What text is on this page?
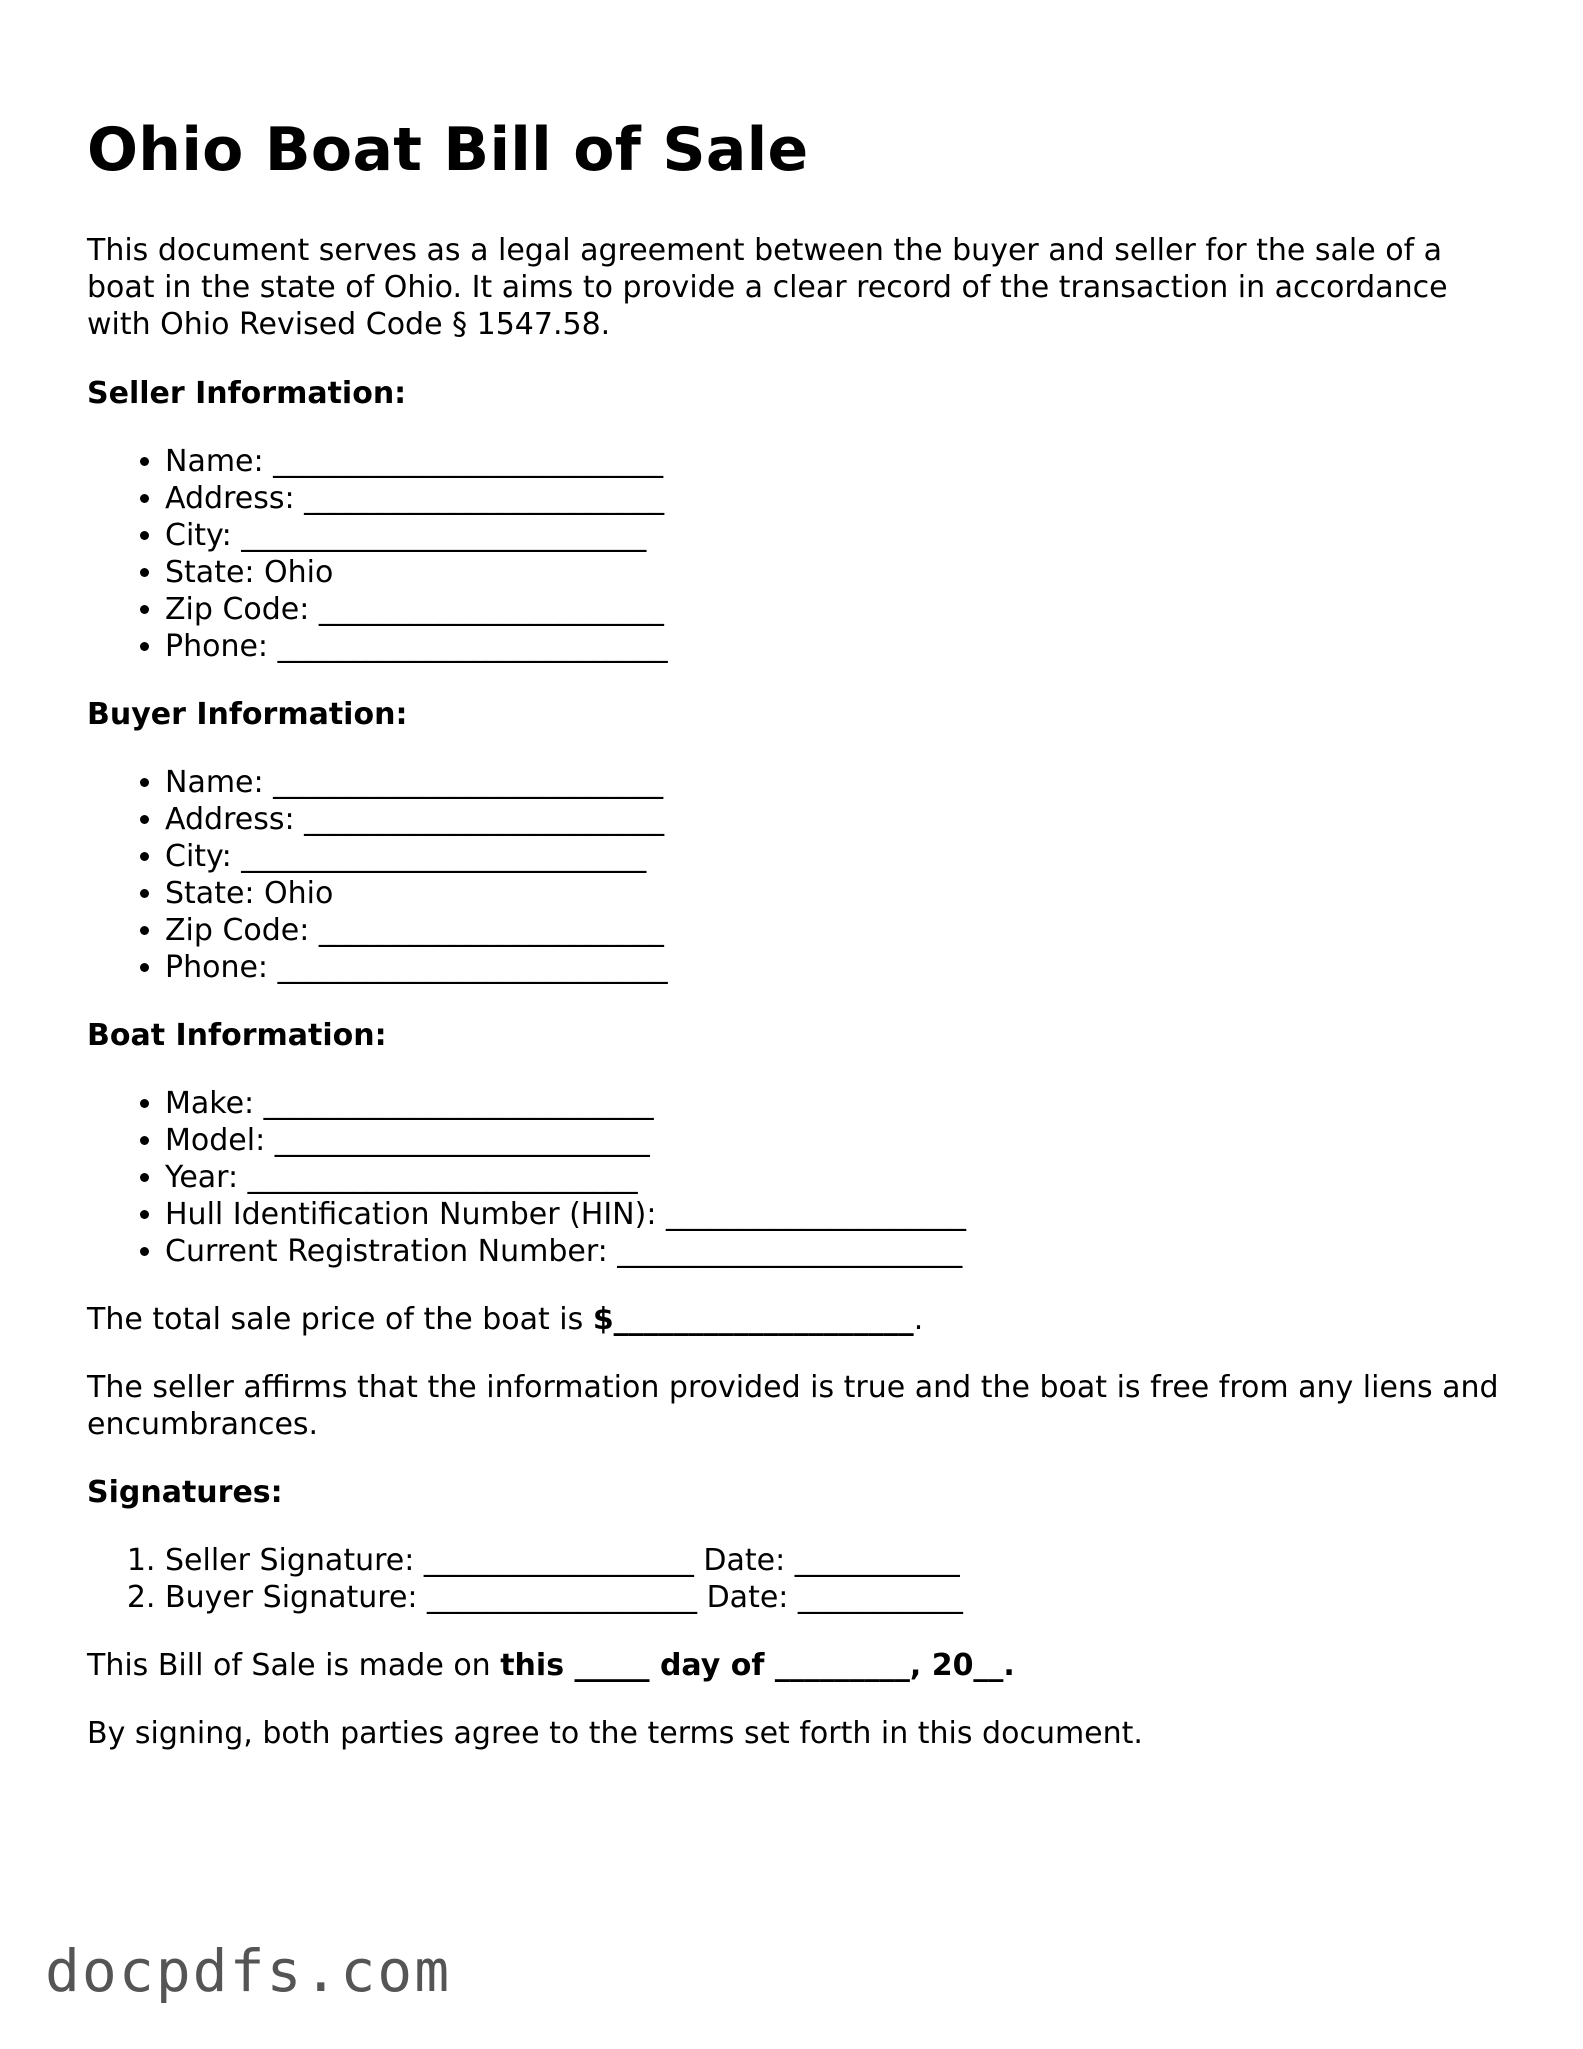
Ohio Boat Bill of Sale

This document serves as a legal agreement between the buyer and seller for the sale of a boat in the state of Ohio. It aims to provide a clear record of the transaction in accordance with Ohio Revised Code § 1547.58.

Seller Information:
• Name: __________________________
• Address: ________________________
• City: ___________________________
• State: Ohio
• Zip Code: _______________________
• Phone: __________________________
Buyer Information:
• Name: __________________________
• Address: ________________________
• City: ___________________________
• State: Ohio
• Zip Code: _______________________
• Phone: __________________________
Boat Information:
• Make: __________________________
• Model: _________________________
• Year: __________________________
• Hull Identification Number (HIN): ____________________
• Current Registration Number: _______________________

The total sale price of the boat is $____________________.

The seller affirms that the information provided is true and the boat is free from any liens and encumbrances.

Signatures:
1. Seller Signature: __________________ Date: ___________
2. Buyer Signature: __________________ Date: ___________

This Bill of Sale is made on this _____ day of _________, 20__.

By signing, both parties agree to the terms set forth in this document.

docpdfs.com
